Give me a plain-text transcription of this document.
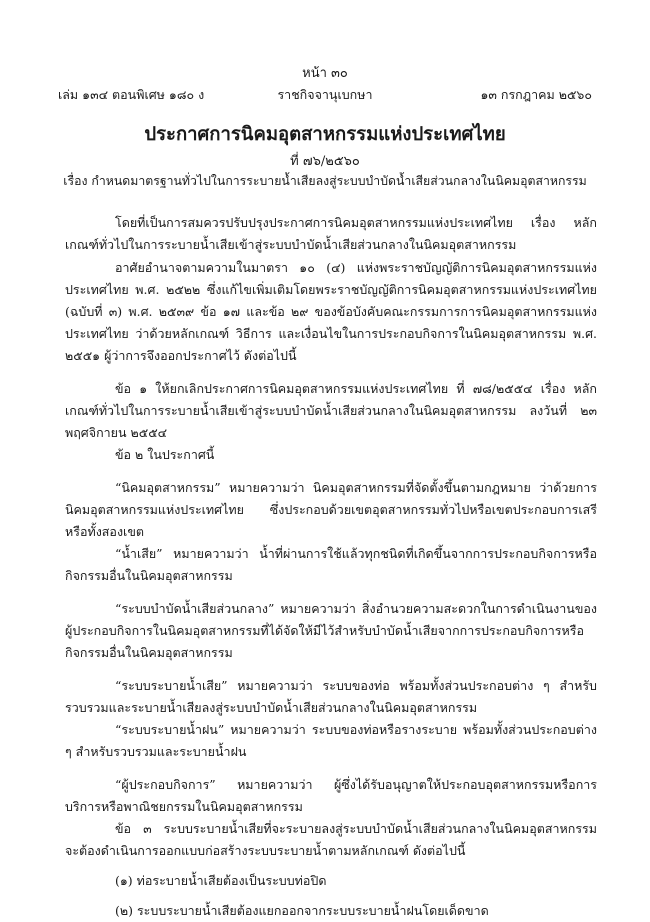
หน้า ๓๐
เล่ม ๑๓๔ ตอนพิเศษ ๑๘๐ ง	ราชกิจจานุเบกษา	๑๓ กรกฎาคม ๒๕๖๐
ประกาศการนิคมอุตสาหกรรมแห่งประเทศไทย
ที่ ๗๖/๒๕๖๐
เรื่อง กำหนดมาตรฐานทั่วไปในการระบายน้ำเสียลงสู่ระบบบำบัดน้ำเสียส่วนกลางในนิคมอุตสาหกรรม

โดยที่เป็นการสมควรปรับปรุงประกาศการนิคมอุตสาหกรรมแห่งประเทศไทย เรื่อง หลักเกณฑ์ทั่วไปในการระบายน้ำเสียเข้าสู่ระบบบำบัดน้ำเสียส่วนกลางในนิคมอุตสาหกรรม

อาศัยอำนาจตามความในมาตรา ๑๐ (๔) แห่งพระราชบัญญัติการนิคมอุตสาหกรรมแห่งประเทศไทย พ.ศ. ๒๕๒๒ ซึ่งแก้ไขเพิ่มเติมโดยพระราชบัญญัติการนิคมอุตสาหกรรมแห่งประเทศไทย (ฉบับที่ ๓) พ.ศ. ๒๕๓๙ ข้อ ๑๗ และข้อ ๒๙ ของข้อบังคับคณะกรรมการการนิคมอุตสาหกรรมแห่งประเทศไทย ว่าด้วยหลักเกณฑ์ วิธีการ และเงื่อนไขในการประกอบกิจการในนิคมอุตสาหกรรม พ.ศ. ๒๕๕๑ ผู้ว่าการจึงออกประกาศไว้ ดังต่อไปนี้

ข้อ ๑ ให้ยกเลิกประกาศการนิคมอุตสาหกรรมแห่งประเทศไทย ที่ ๗๘/๒๕๕๔ เรื่อง หลักเกณฑ์ทั่วไปในการระบายน้ำเสียเข้าสู่ระบบบำบัดน้ำเสียส่วนกลางในนิคมอุตสาหกรรม ลงวันที่ ๒๓ พฤศจิกายน ๒๕๕๔

ข้อ ๒ ในประกาศนี้

“นิคมอุตสาหกรรม” หมายความว่า นิคมอุตสาหกรรมที่จัดตั้งขึ้นตามกฎหมาย ว่าด้วยการนิคมอุตสาหกรรมแห่งประเทศไทย ซึ่งประกอบด้วยเขตอุตสาหกรรมทั่วไปหรือเขตประกอบการเสรีหรือทั้งสองเขต

“น้ำเสีย” หมายความว่า น้ำที่ผ่านการใช้แล้วทุกชนิดที่เกิดขึ้นจากการประกอบกิจการหรือกิจกรรมอื่นในนิคมอุตสาหกรรม

“ระบบบำบัดน้ำเสียส่วนกลาง” หมายความว่า สิ่งอำนวยความสะดวกในการดำเนินงานของผู้ประกอบกิจการในนิคมอุตสาหกรรมที่ได้จัดให้มีไว้สำหรับบำบัดน้ำเสียจากการประกอบกิจการหรือกิจกรรมอื่นในนิคมอุตสาหกรรม

“ระบบระบายน้ำเสีย” หมายความว่า ระบบของท่อ พร้อมทั้งส่วนประกอบต่าง ๆ สำหรับรวบรวมและระบายน้ำเสียลงสู่ระบบบำบัดน้ำเสียส่วนกลางในนิคมอุตสาหกรรม

“ระบบระบายน้ำฝน” หมายความว่า ระบบของท่อหรือรางระบาย พร้อมทั้งส่วนประกอบต่าง ๆ สำหรับรวบรวมและระบายน้ำฝน

“ผู้ประกอบกิจการ” หมายความว่า ผู้ซึ่งได้รับอนุญาตให้ประกอบอุตสาหกรรมหรือการบริการหรือพาณิชยกรรมในนิคมอุตสาหกรรม

ข้อ ๓ ระบบระบายน้ำเสียที่จะระบายลงสู่ระบบบำบัดน้ำเสียส่วนกลางในนิคมอุตสาหกรรม จะต้องดำเนินการออกแบบก่อสร้างระบบระบายน้ำตามหลักเกณฑ์ ดังต่อไปนี้

(๑) ท่อระบายน้ำเสียต้องเป็นระบบท่อปิด

(๒) ระบบระบายน้ำเสียต้องแยกออกจากระบบระบายน้ำฝนโดยเด็ดขาด
